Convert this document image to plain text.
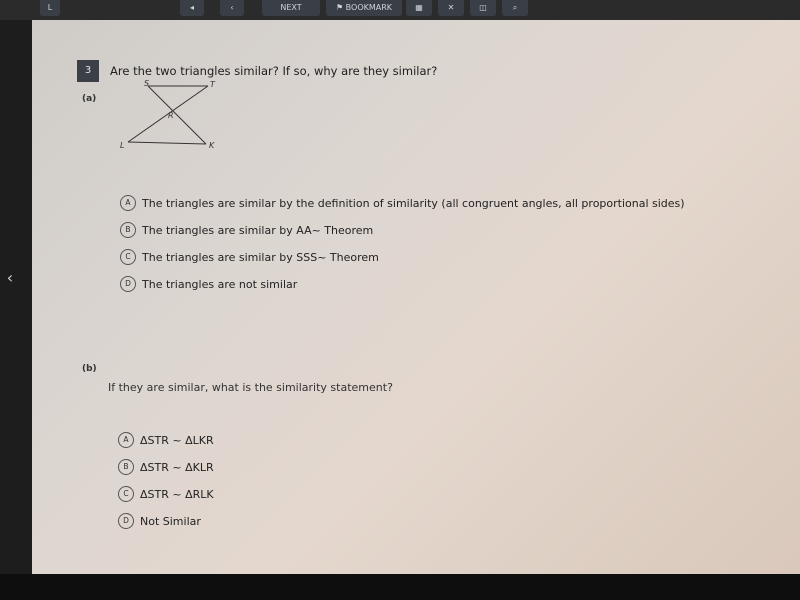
L	◂	‹	NEXT	⚑ BOOKMARK	▦	✕	◫	⌕
‹
3	Are the two triangles similar? If so, why are they similar?
(a)
S	T
R
L	K
A	The triangles are similar by the definition of similarity (all congruent angles, all proportional sides)
B	The triangles are similar by AA~ Theorem
C	The triangles are similar by SSS~ Theorem
D	The triangles are not similar
(b)
If they are similar, what is the similarity statement?
A	ΔSTR ~ ΔLKR
B	ΔSTR ~ ΔKLR
C	ΔSTR ~ ΔRLK
D	Not Similar
